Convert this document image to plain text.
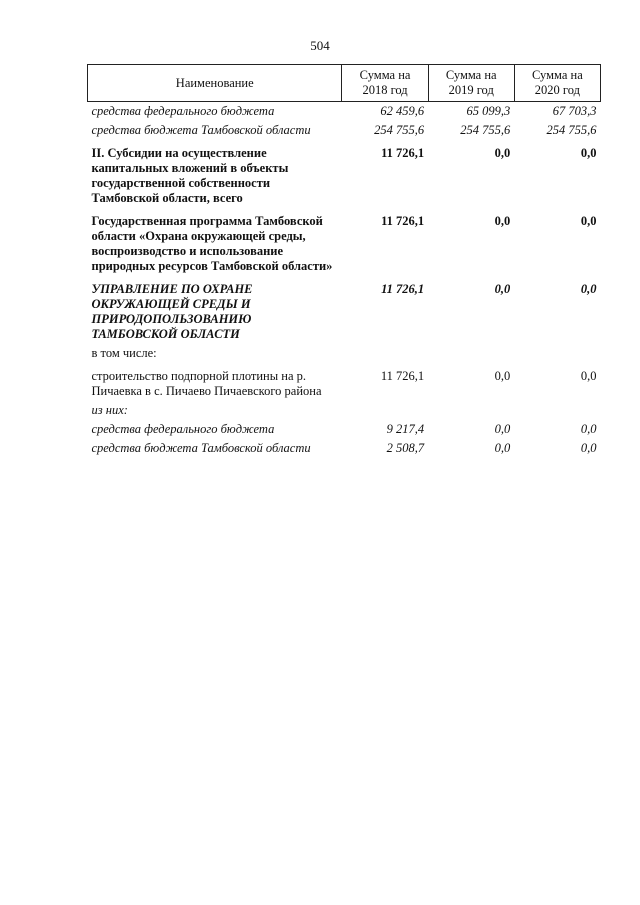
504
Наименование	Сумма на 2018 год	Сумма на 2019 год	Сумма на 2020 год
средства федерального бюджета	62 459,6	65 099,3	67 703,3
средства бюджета Тамбовской области	254 755,6	254 755,6	254 755,6
II. Субсидии на осуществление капитальных вложений в объекты государственной собственности Тамбовской области, всего	11 726,1	0,0	0,0
Государственная программа Тамбовской области «Охрана окружающей среды, воспроизводство и использование природных ресурсов Тамбовской области»	11 726,1	0,0	0,0
УПРАВЛЕНИЕ ПО ОХРАНЕ ОКРУЖАЮЩЕЙ СРЕДЫ И ПРИРОДОПОЛЬЗОВАНИЮ ТАМБОВСКОЙ ОБЛАСТИ	11 726,1	0,0	0,0
в том числе:			
строительство подпорной плотины на р. Пичаевка в с. Пичаево Пичаевского района	11 726,1	0,0	0,0
из них:			
средства федерального бюджета	9 217,4	0,0	0,0
средства бюджета Тамбовской области	2 508,7	0,0	0,0
